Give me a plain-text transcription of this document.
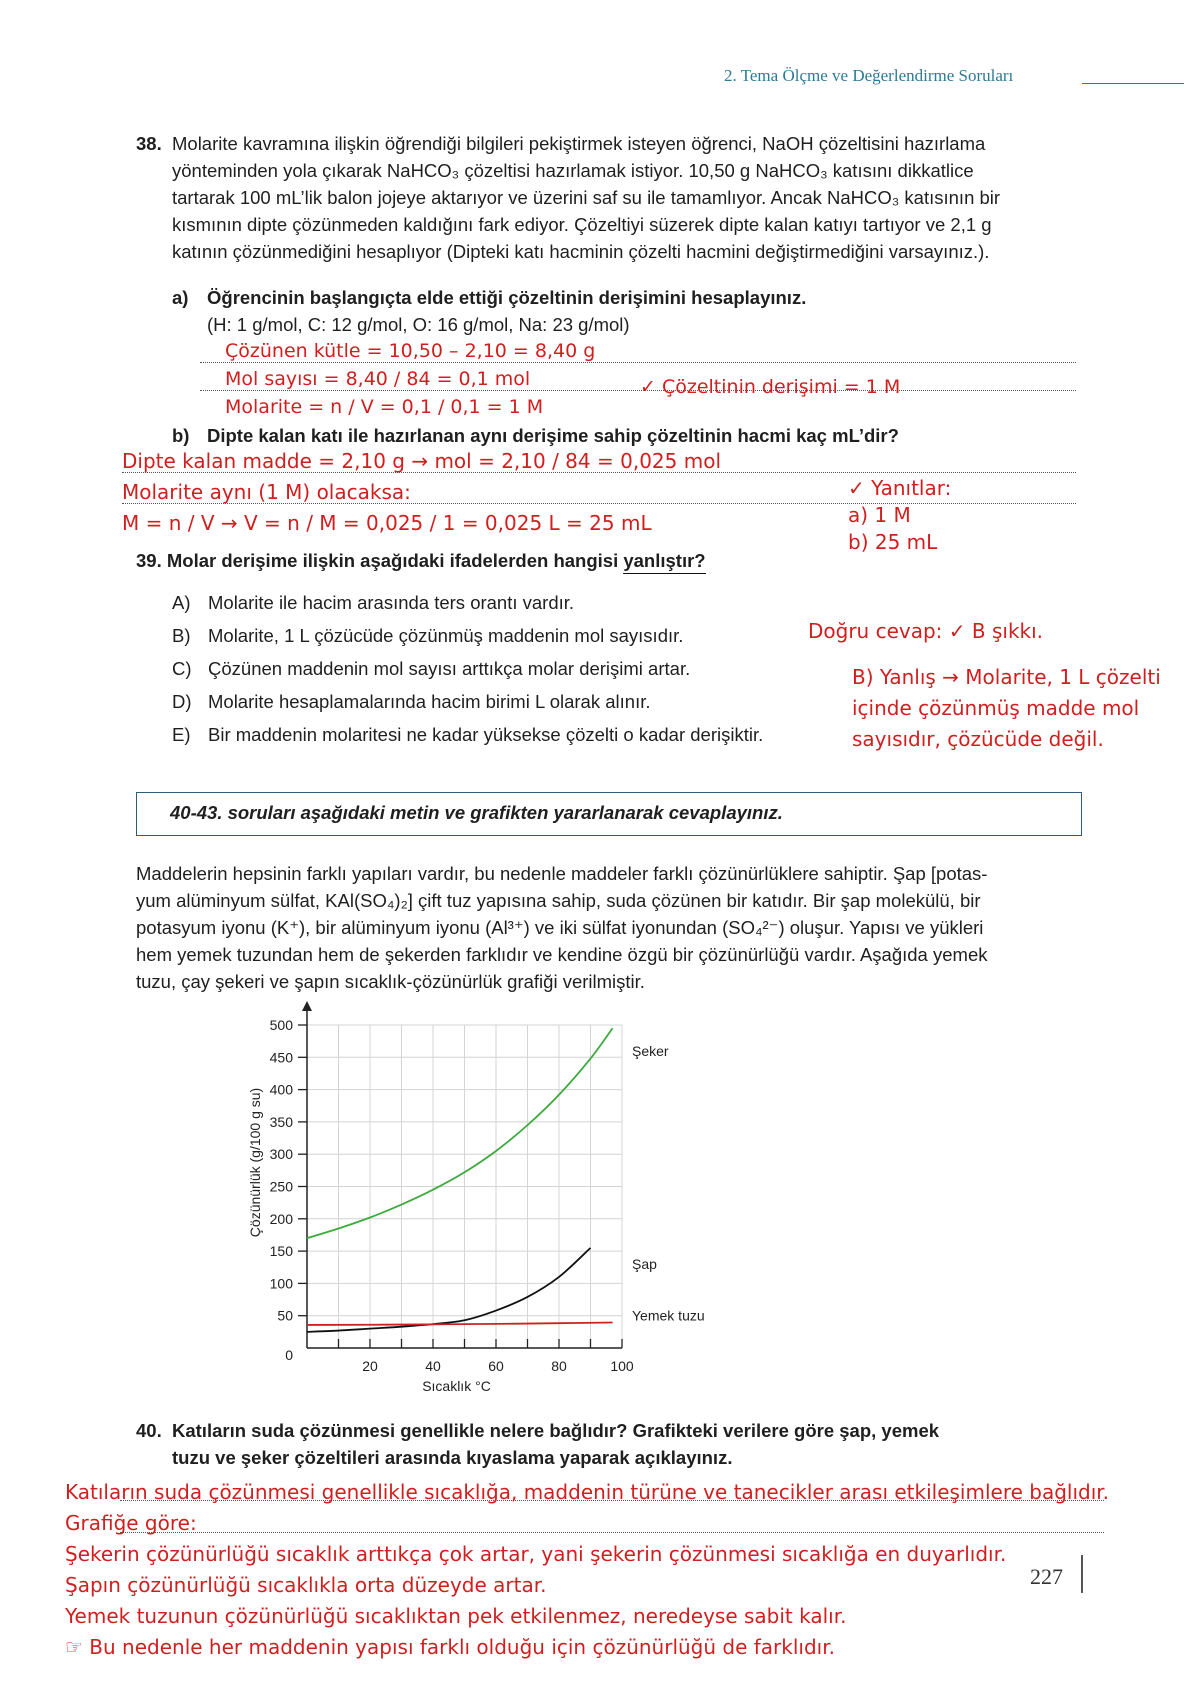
2. Tema Ölçme ve Değerlendirme Soruları
38. Molarite kavramına ilişkin öğrendiği bilgileri pekiştirmek isteyen öğrenci, NaOH çözeltisini hazırlama
yönteminden yola çıkarak NaHCO₃ çözeltisi hazırlamak istiyor. 10,50 g NaHCO₃ katısını dikkatlice
tartarak 100 mL’lik balon jojeye aktarıyor ve üzerini saf su ile tamamlıyor. Ancak NaHCO₃ katısının bir
kısmının dipte çözünmeden kaldığını fark ediyor. Çözeltiyi süzerek dipte kalan katıyı tartıyor ve 2,1 g
katının çözünmediğini hesaplıyor (Dipteki katı hacminin çözelti hacmini değiştirmediğini varsayınız.).
a) Öğrencinin başlangıçta elde ettiği çözeltinin derişimini hesaplayınız.
(H: 1 g/mol, C: 12 g/mol, O: 16 g/mol, Na: 23 g/mol)
Çözünen kütle = 10,50 – 2,10 = 8,40 g
Mol sayısı = 8,40 / 84 = 0,1 mol
Molarite = n / V = 0,1 / 0,1 = 1 M
✓ Çözeltinin derişimi = 1 M
b) Dipte kalan katı ile hazırlanan aynı derişime sahip çözeltinin hacmi kaç mL’dir?
Dipte kalan madde = 2,10 g → mol = 2,10 / 84 = 0,025 mol
Molarite aynı (1 M) olacaksa:
M = n / V → V = n / M = 0,025 / 1 = 0,025 L = 25 mL
✓ Yanıtlar:
a) 1 M
b) 25 mL
39. Molar derişime ilişkin aşağıdaki ifadelerden hangisi yanlıştır?
A) Molarite ile hacim arasında ters orantı vardır.
B) Molarite, 1 L çözücüde çözünmüş maddenin mol sayısıdır.
C) Çözünen maddenin mol sayısı arttıkça molar derişimi artar.
D) Molarite hesaplamalarında hacim birimi L olarak alınır.
E) Bir maddenin molaritesi ne kadar yüksekse çözelti o kadar derişiktir.
Doğru cevap: ✓ B şıkkı.
B) Yanlış → Molarite, 1 L çözelti
içinde çözünmüş madde mol
sayısıdır, çözücüde değil.
40-43. soruları aşağıdaki metin ve grafikten yararlanarak cevaplayınız.
Maddelerin hepsinin farklı yapıları vardır, bu nedenle maddeler farklı çözünürlüklere sahiptir. Şap [potas-
yum alüminyum sülfat, KAl(SO₄)₂] çift tuz yapısına sahip, suda çözünen bir katıdır. Bir şap molekülü, bir
potasyum iyonu (K⁺), bir alüminyum iyonu (Al³⁺) ve iki sülfat iyonundan (SO₄²⁻) oluşur. Yapısı ve yükleri
hem yemek tuzundan hem de şekerden farklıdır ve kendine özgü bir çözünürlüğü vardır. Aşağıda yemek
tuzu, çay şekeri ve şapın sıcaklık-çözünürlük grafiği verilmiştir.
0
50
100
150
200
250
300
350
400
450
500
20	40	60	80	100
Sıcaklık °C
Çözünürlük (g/100 g su)
Şeker
Şap
Yemek tuzu
40. Katıların suda çözünmesi genellikle nelere bağlıdır? Grafikteki verilere göre şap, yemek
tuzu ve şeker çözeltileri arasında kıyaslama yaparak açıklayınız.
Katıların suda çözünmesi genellikle sıcaklığa, maddenin türüne ve tanecikler arası etkileşimlere bağlıdır.
Grafiğe göre:
Şekerin çözünürlüğü sıcaklık arttıkça çok artar, yani şekerin çözünmesi sıcaklığa en duyarlıdır.
Şapın çözünürlüğü sıcaklıkla orta düzeyde artar.
Yemek tuzunun çözünürlüğü sıcaklıktan pek etkilenmez, neredeyse sabit kalır.
☞ Bu nedenle her maddenin yapısı farklı olduğu için çözünürlüğü de farklıdır.
227
